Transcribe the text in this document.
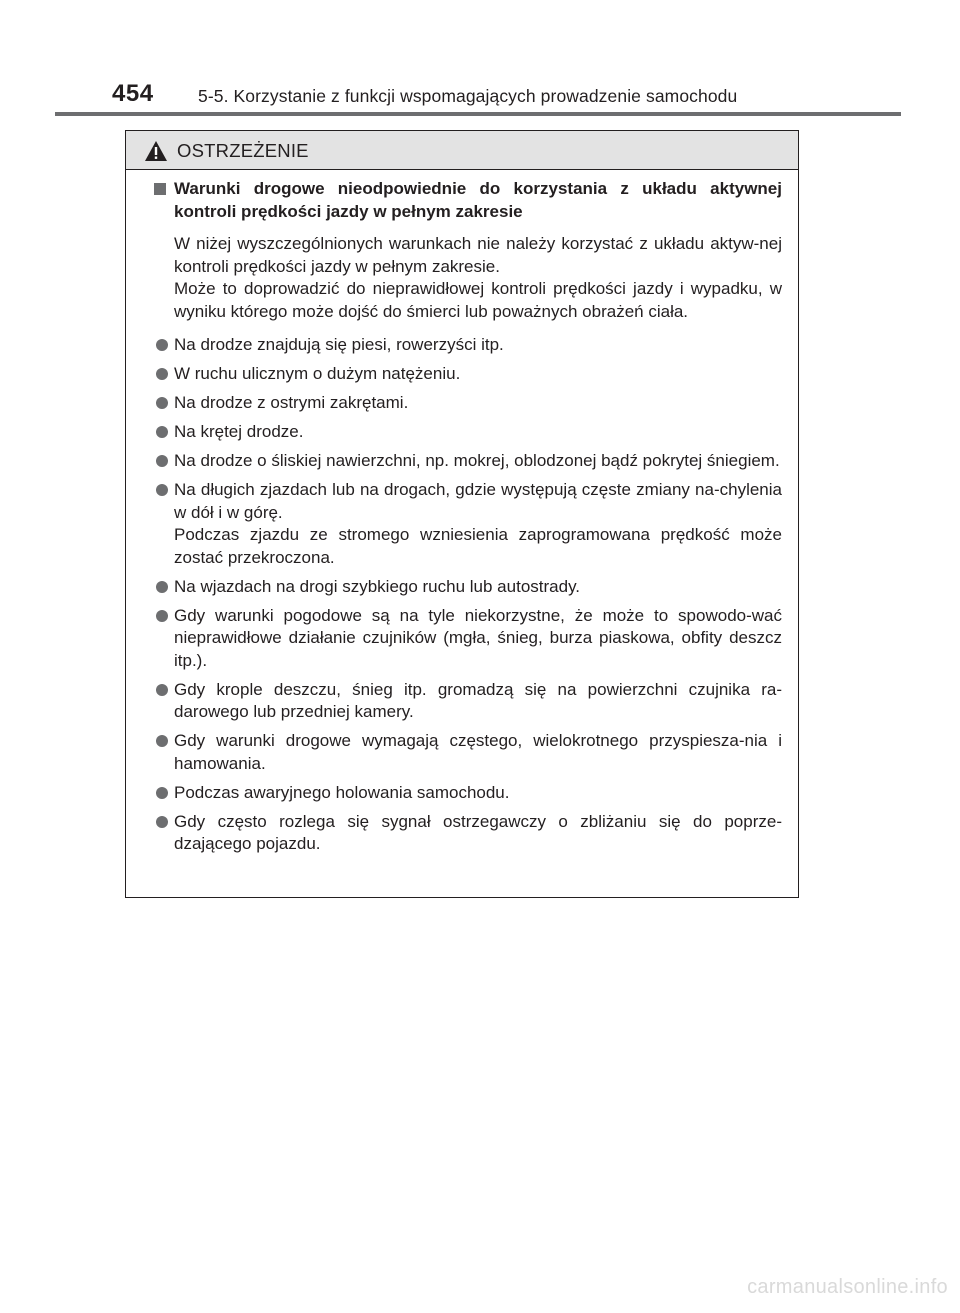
454	5-5. Korzystanie z funkcji wspomagających prowadzenie samochodu
OSTRZEŻENIE
Warunki drogowe nieodpowiednie do korzystania z układu aktywnej kontroli prędkości jazdy w pełnym zakresie

W niżej wyszczególnionych warunkach nie należy korzystać z układu aktyw-nej kontroli prędkości jazdy w pełnym zakresie.

Może to doprowadzić do nieprawidłowej kontroli prędkości jazdy i wypadku, w wyniku którego może dojść do śmierci lub poważnych obrażeń ciała.

Na drodze znajdują się piesi, rowerzyści itp.
W ruchu ulicznym o dużym natężeniu.
Na drodze z ostrymi zakrętami.
Na krętej drodze.
Na drodze o śliskiej nawierzchni, np. mokrej, oblodzonej bądź pokrytej śniegiem.
Na długich zjazdach lub na drogach, gdzie występują częste zmiany na-chylenia w dół i w górę.
Podczas zjazdu ze stromego wzniesienia zaprogramowana prędkość może zostać przekroczona.
Na wjazdach na drogi szybkiego ruchu lub autostrady.
Gdy warunki pogodowe są na tyle niekorzystne, że może to spowodo-wać nieprawidłowe działanie czujników (mgła, śnieg, burza piaskowa, obfity deszcz itp.).
Gdy krople deszczu, śnieg itp. gromadzą się na powierzchni czujnika ra-darowego lub przedniej kamery.
Gdy warunki drogowe wymagają częstego, wielokrotnego przyspiesza-nia i hamowania.
Podczas awaryjnego holowania samochodu.
Gdy często rozlega się sygnał ostrzegawczy o zbliżaniu się do poprze-dzającego pojazdu.
carmanualsonline.info
